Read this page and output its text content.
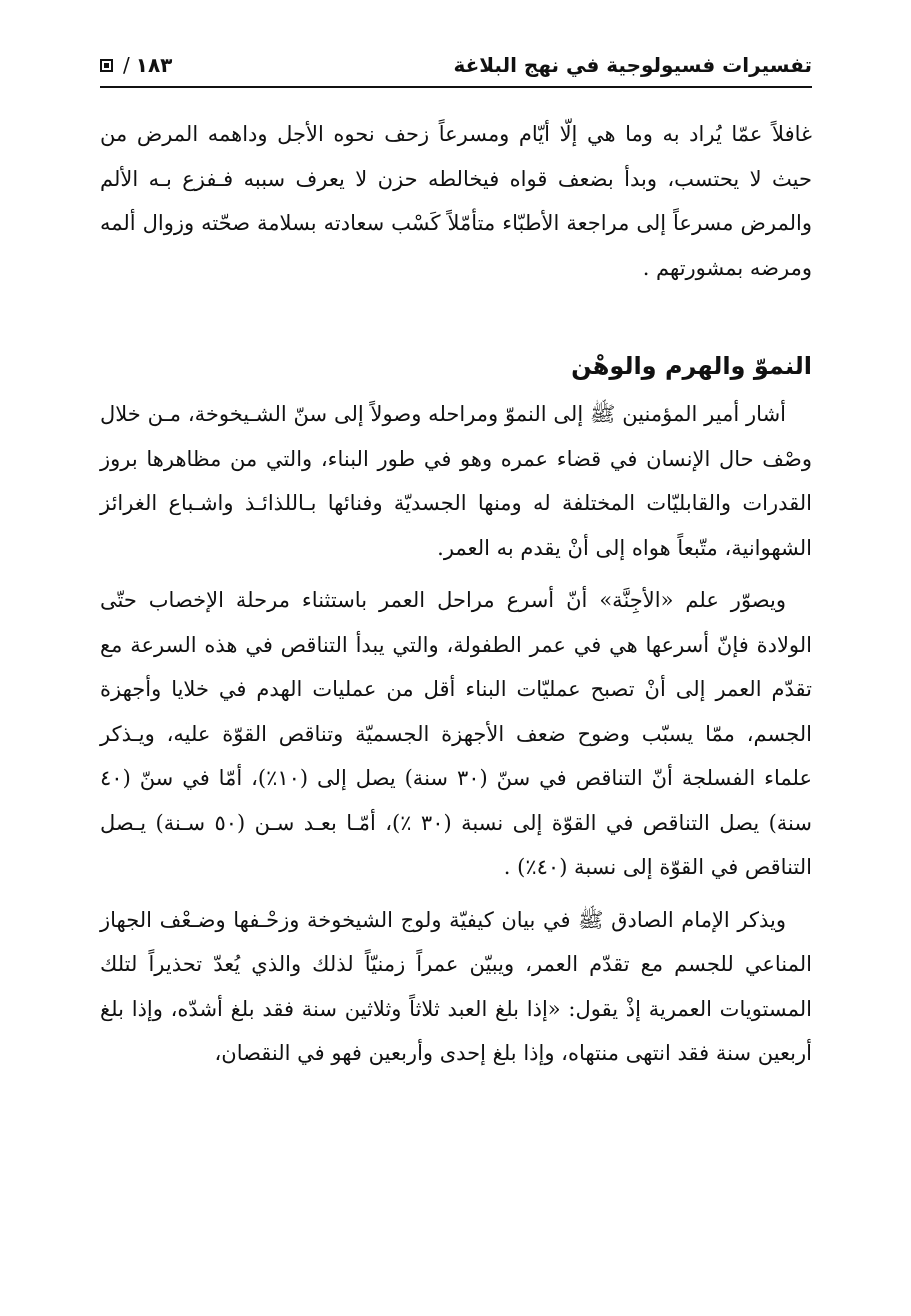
/ ١٨٣	تفسيرات فسيولوجية في نهج البلاغة

غافلاً عمّا يُراد به وما هي إلّا أيّام ومسرعاً زحف نحوه الأجل وداهمه المرض من حيث لا يحتسب، وبدأ بضعف قواه فيخالطه حزن لا يعرف سببه فـفزع بـه الألم والمرض مسرعاً إلى مراجعة الأطبّاء متأمّلاً كَسْب سعادته بسلامة صحّته وزوال ألمه ومرضه بمشورتهم .

النموّ والهرم والوهْن

أشار أمير المؤمنين ﷺ إلى النموّ ومراحله وصولاً إلى سنّ الشـيخوخة، مـن خلال وصْف حال الإنسان في قضاء عمره وهو في طور البناء، والتي من مظاهرها بروز القدرات والقابليّات المختلفة له ومنها الجسديّة وفنائها بـاللذائـذ واشـباع الغرائز الشهوانية، متّبعاً هواه إلى أنْ يقدم به العمر.

ويصوّر علم «الأجِنَّة» أنّ أسرع مراحل العمر باستثناء مرحلة الإخصاب حتّى الولادة فإنّ أسرعها هي في عمر الطفولة، والتي يبدأ التناقص في هذه السرعة مع تقدّم العمر إلى أنْ تصبح عمليّات البناء أقل من عمليات الهدم في خلايا وأجهزة الجسم، ممّا يسبّب وضوح ضعف الأجهزة الجسميّة وتناقص القوّة عليه، ويـذكر علماء الفسلجة أنّ التناقص في سنّ (٣٠ سنة) يصل إلى (١٠٪)، أمّا في سنّ (٤٠ سنة) يصل التناقص في القوّة إلى نسبة (٣٠ ٪)، أمّـا بعـد سـن (٥٠ سـنة) يـصل التناقص في القوّة إلى نسبة (٤٠٪) .

ويذكر الإمام الصادق ﷺ في بيان كيفيّة ولوج الشيخوخة وزحْـفها وضـعْف الجهاز المناعي للجسم مع تقدّم العمر، ويبيّن عمراً زمنيّاً لذلك والذي يُعدّ تحذيراً لتلك المستويات العمرية إذْ يقول: «إذا بلغ العبد ثلاثاً وثلاثين سنة فقد بلغ أشدّه، وإذا بلغ أربعين سنة فقد انتهى منتهاه، وإذا بلغ إحدى وأربعين فهو في النقصان،
